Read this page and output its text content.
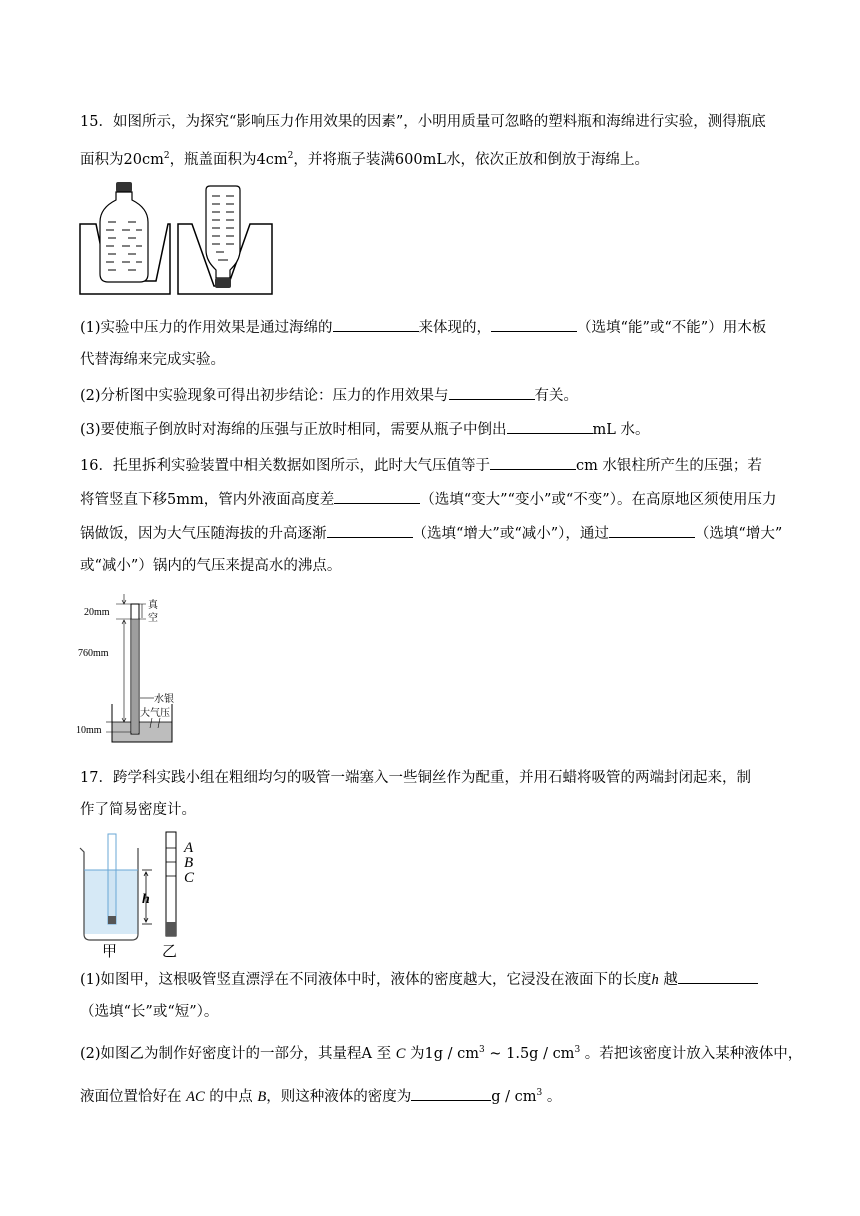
15．如图所示，为探究“影响压力作用效果的因素”，小明用质量可忽略的塑料瓶和海绵进行实验，测得瓶底
面积为$20cm^2$，瓶盖面积为$4cm^2$，并将瓶子装满600mL水，依次正放和倒放于海绵上。
(1)实验中压力的作用效果是通过海绵的	来体现的，	（选填“能”或“不能”）用木板
代替海绵来完成实验。
(2)分析图中实验现象可得出初步结论：压力的作用效果与	有关。
(3)要使瓶子倒放时对海绵的压强与正放时相同，需要从瓶子中倒出	mL 水。
16．托里拆利实验装置中相关数据如图所示，此时大气压值等于	cm 水银柱所产生的压强；若
将管竖直下移5mm，管内外液面高度差	（选填“变大”“变小”或“不变”）。在高原地区须使用压力
锅做饭，因为大气压随海拔的升高逐渐	（选填“增大”或“减小”），通过	（选填“增大”
或“减小”）锅内的气压来提高水的沸点。
20mm
760mm
10mm
真
空
水银
大气压
17．跨学科实践小组在粗细均匀的吸管一端塞入一些铜丝作为配重，并用石蜡将吸管的两端封闭起来，制
作了简易密度计。
h
A
B
C
甲	乙
(1)如图甲，这根吸管竖直漂浮在不同液体中时，液体的密度越大，它浸没在液面下的长度h 越
（选填“长”或“短”）。
(2)如图乙为制作好密度计的一部分，其量程A 至 C 为$1g / cm^3$ ~ $1.5g / cm^3$ 。若把该密度计放入某种液体中，
液面位置恰好在 AC 的中点 B，则这种液体的密度为	g / $cm^3$ 。
